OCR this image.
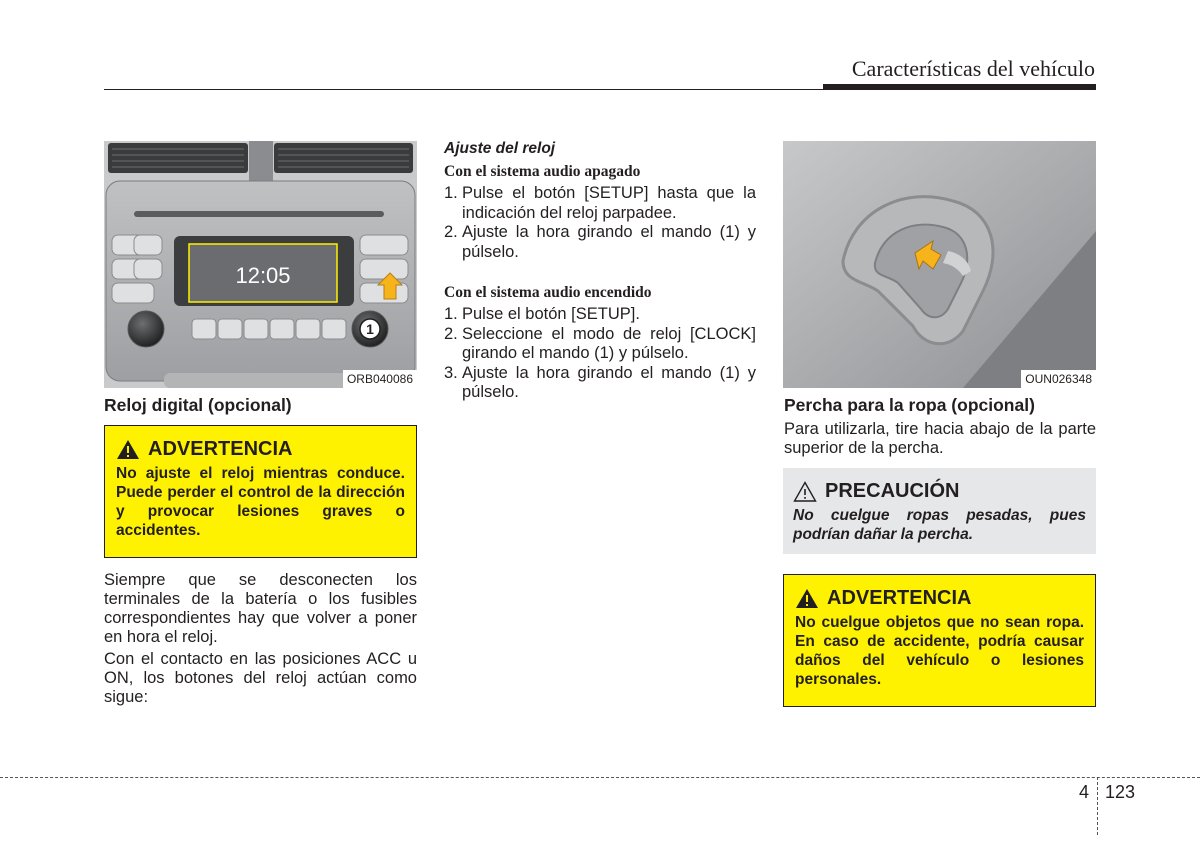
Características del vehículo
12:05
1
ORB040086
Reloj digital (opcional)
ADVERTENCIA
No ajuste el reloj mientras conduce. Puede perder el control de la dirección y provocar lesiones graves o accidentes.
Siempre que se desconecten los terminales de la batería o los fusibles correspondientes hay que volver a poner en hora el reloj.
Con el contacto en las posiciones ACC u ON, los botones del reloj actúan como sigue:
Ajuste del reloj
Con el sistema audio apagado
1. Pulse el botón [SETUP] hasta que la indicación del reloj parpadee.
2. Ajuste la hora girando el mando (1) y púlselo.
Con el sistema audio encendido
1. Pulse el botón [SETUP].
2. Seleccione el modo de reloj [CLOCK] girando el mando (1) y púlselo.
3. Ajuste la hora girando el mando (1) y púlselo.
OUN026348
Percha para la ropa (opcional)
Para utilizarla, tire hacia abajo de la parte superior de la percha.
PRECAUCIÓN
No cuelgue ropas pesadas, pues podrían dañar la percha.
ADVERTENCIA
No cuelgue objetos que no sean ropa. En caso de accidente, podría causar daños del vehículo o lesiones personales.
4 123
